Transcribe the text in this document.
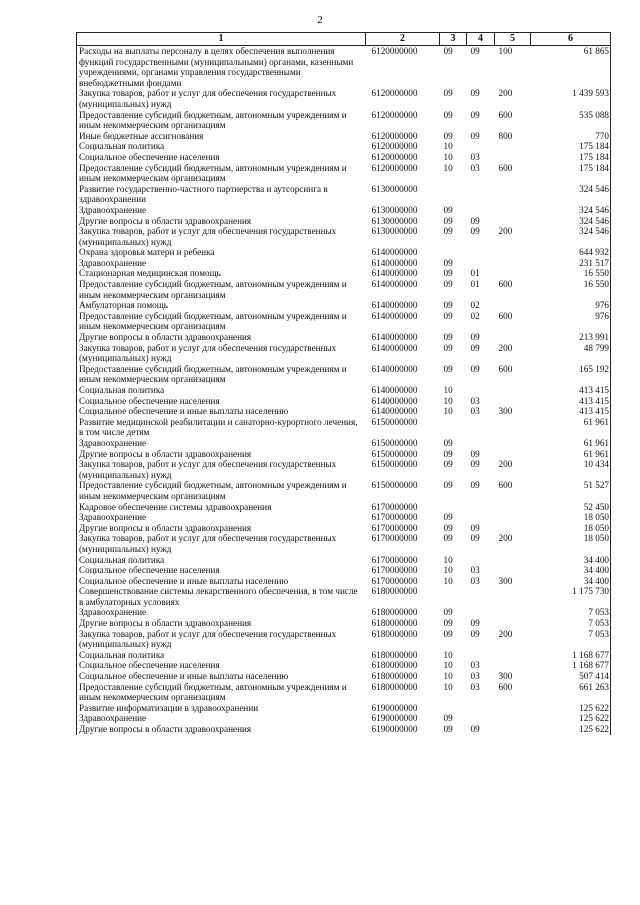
2
1	2	3	4	5	6
Расходы на выплаты персоналу в целях обеспечения выполнения функций государственными (муниципальными) органами, казенными учреждениями, органами управления государственными внебюджетными фондами	6120000000	09	09	100	61 865
Закупка товаров, работ и услуг для обеспечения государственных (муниципальных) нужд	6120000000	09	09	200	1 439 593
Предоставление субсидий бюджетным, автономным учреждениям и иным некоммерческим организациям	6120000000	09	09	600	535 088
Иные бюджетные ассигнования	6120000000	09	09	800	770
Социальная политика	6120000000	10			175 184
Социальное обеспечение населения	6120000000	10	03		175 184
Предоставление субсидий бюджетным, автономным учреждениям и иным некоммерческим организациям	6120000000	10	03	600	175 184
Развитие государственно-частного партнерства и аутсорсинга в здравоохранении	6130000000				324 546
Здравоохранение	6130000000	09			324 546
Другие вопросы в области здравоохранения	6130000000	09	09		324 546
Закупка товаров, работ и услуг для обеспечения государственных (муниципальных) нужд	6130000000	09	09	200	324 546
Охрана здоровья матери и ребенка	6140000000				644 932
Здравоохранение	6140000000	09			231 517
Стационарная медицинская помощь	6140000000	09	01		16 550
Предоставление субсидий бюджетным, автономным учреждениям и иным некоммерческим организациям	6140000000	09	01	600	16 550
Амбулаторная помощь	6140000000	09	02		976
Предоставление субсидий бюджетным, автономным учреждениям и иным некоммерческим организациям	6140000000	09	02	600	976
Другие вопросы в области здравоохранения	6140000000	09	09		213 991
Закупка товаров, работ и услуг для обеспечения государственных (муниципальных) нужд	6140000000	09	09	200	48 799
Предоставление субсидий бюджетным, автономным учреждениям и иным некоммерческим организациям	6140000000	09	09	600	165 192
Социальная политика	6140000000	10			413 415
Социальное обеспечение населения	6140000000	10	03		413 415
Социальное обеспечение и иные выплаты населению	6140000000	10	03	300	413 415
Развитие медицинской реабилитации и санаторно-курортного лечения, в том числе детям	6150000000				61 961
Здравоохранение	6150000000	09			61 961
Другие вопросы в области здравоохранения	6150000000	09	09		61 961
Закупка товаров, работ и услуг для обеспечения государственных (муниципальных) нужд	6150000000	09	09	200	10 434
Предоставление субсидий бюджетным, автономным учреждениям и иным некоммерческим организациям	6150000000	09	09	600	51 527
Кадровое обеспечение системы здравоохранения	6170000000				52 450
Здравоохранение	6170000000	09			18 050
Другие вопросы в области здравоохранения	6170000000	09	09		18 050
Закупка товаров, работ и услуг для обеспечения государственных (муниципальных) нужд	6170000000	09	09	200	18 050
Социальная политика	6170000000	10			34 400
Социальное обеспечение населения	6170000000	10	03		34 400
Социальное обеспечение и иные выплаты населению	6170000000	10	03	300	34 400
Совершенствование системы лекарственного обеспечения, в том числе в амбулаторных условиях	6180000000				1 175 730
Здравоохранение	6180000000	09			7 053
Другие вопросы в области здравоохранения	6180000000	09	09		7 053
Закупка товаров, работ и услуг для обеспечения государственных (муниципальных) нужд	6180000000	09	09	200	7 053
Социальная политика	6180000000	10			1 168 677
Социальное обеспечение населения	6180000000	10	03		1 168 677
Социальное обеспечение и иные выплаты населению	6180000000	10	03	300	507 414
Предоставление субсидий бюджетным, автономным учреждениям и иным некоммерческим организациям	6180000000	10	03	600	661 263
Развитие информатизации в здравоохранении	6190000000				125 622
Здравоохранение	6190000000	09			125 622
Другие вопросы в области здравоохранения	6190000000	09	09		125 622
